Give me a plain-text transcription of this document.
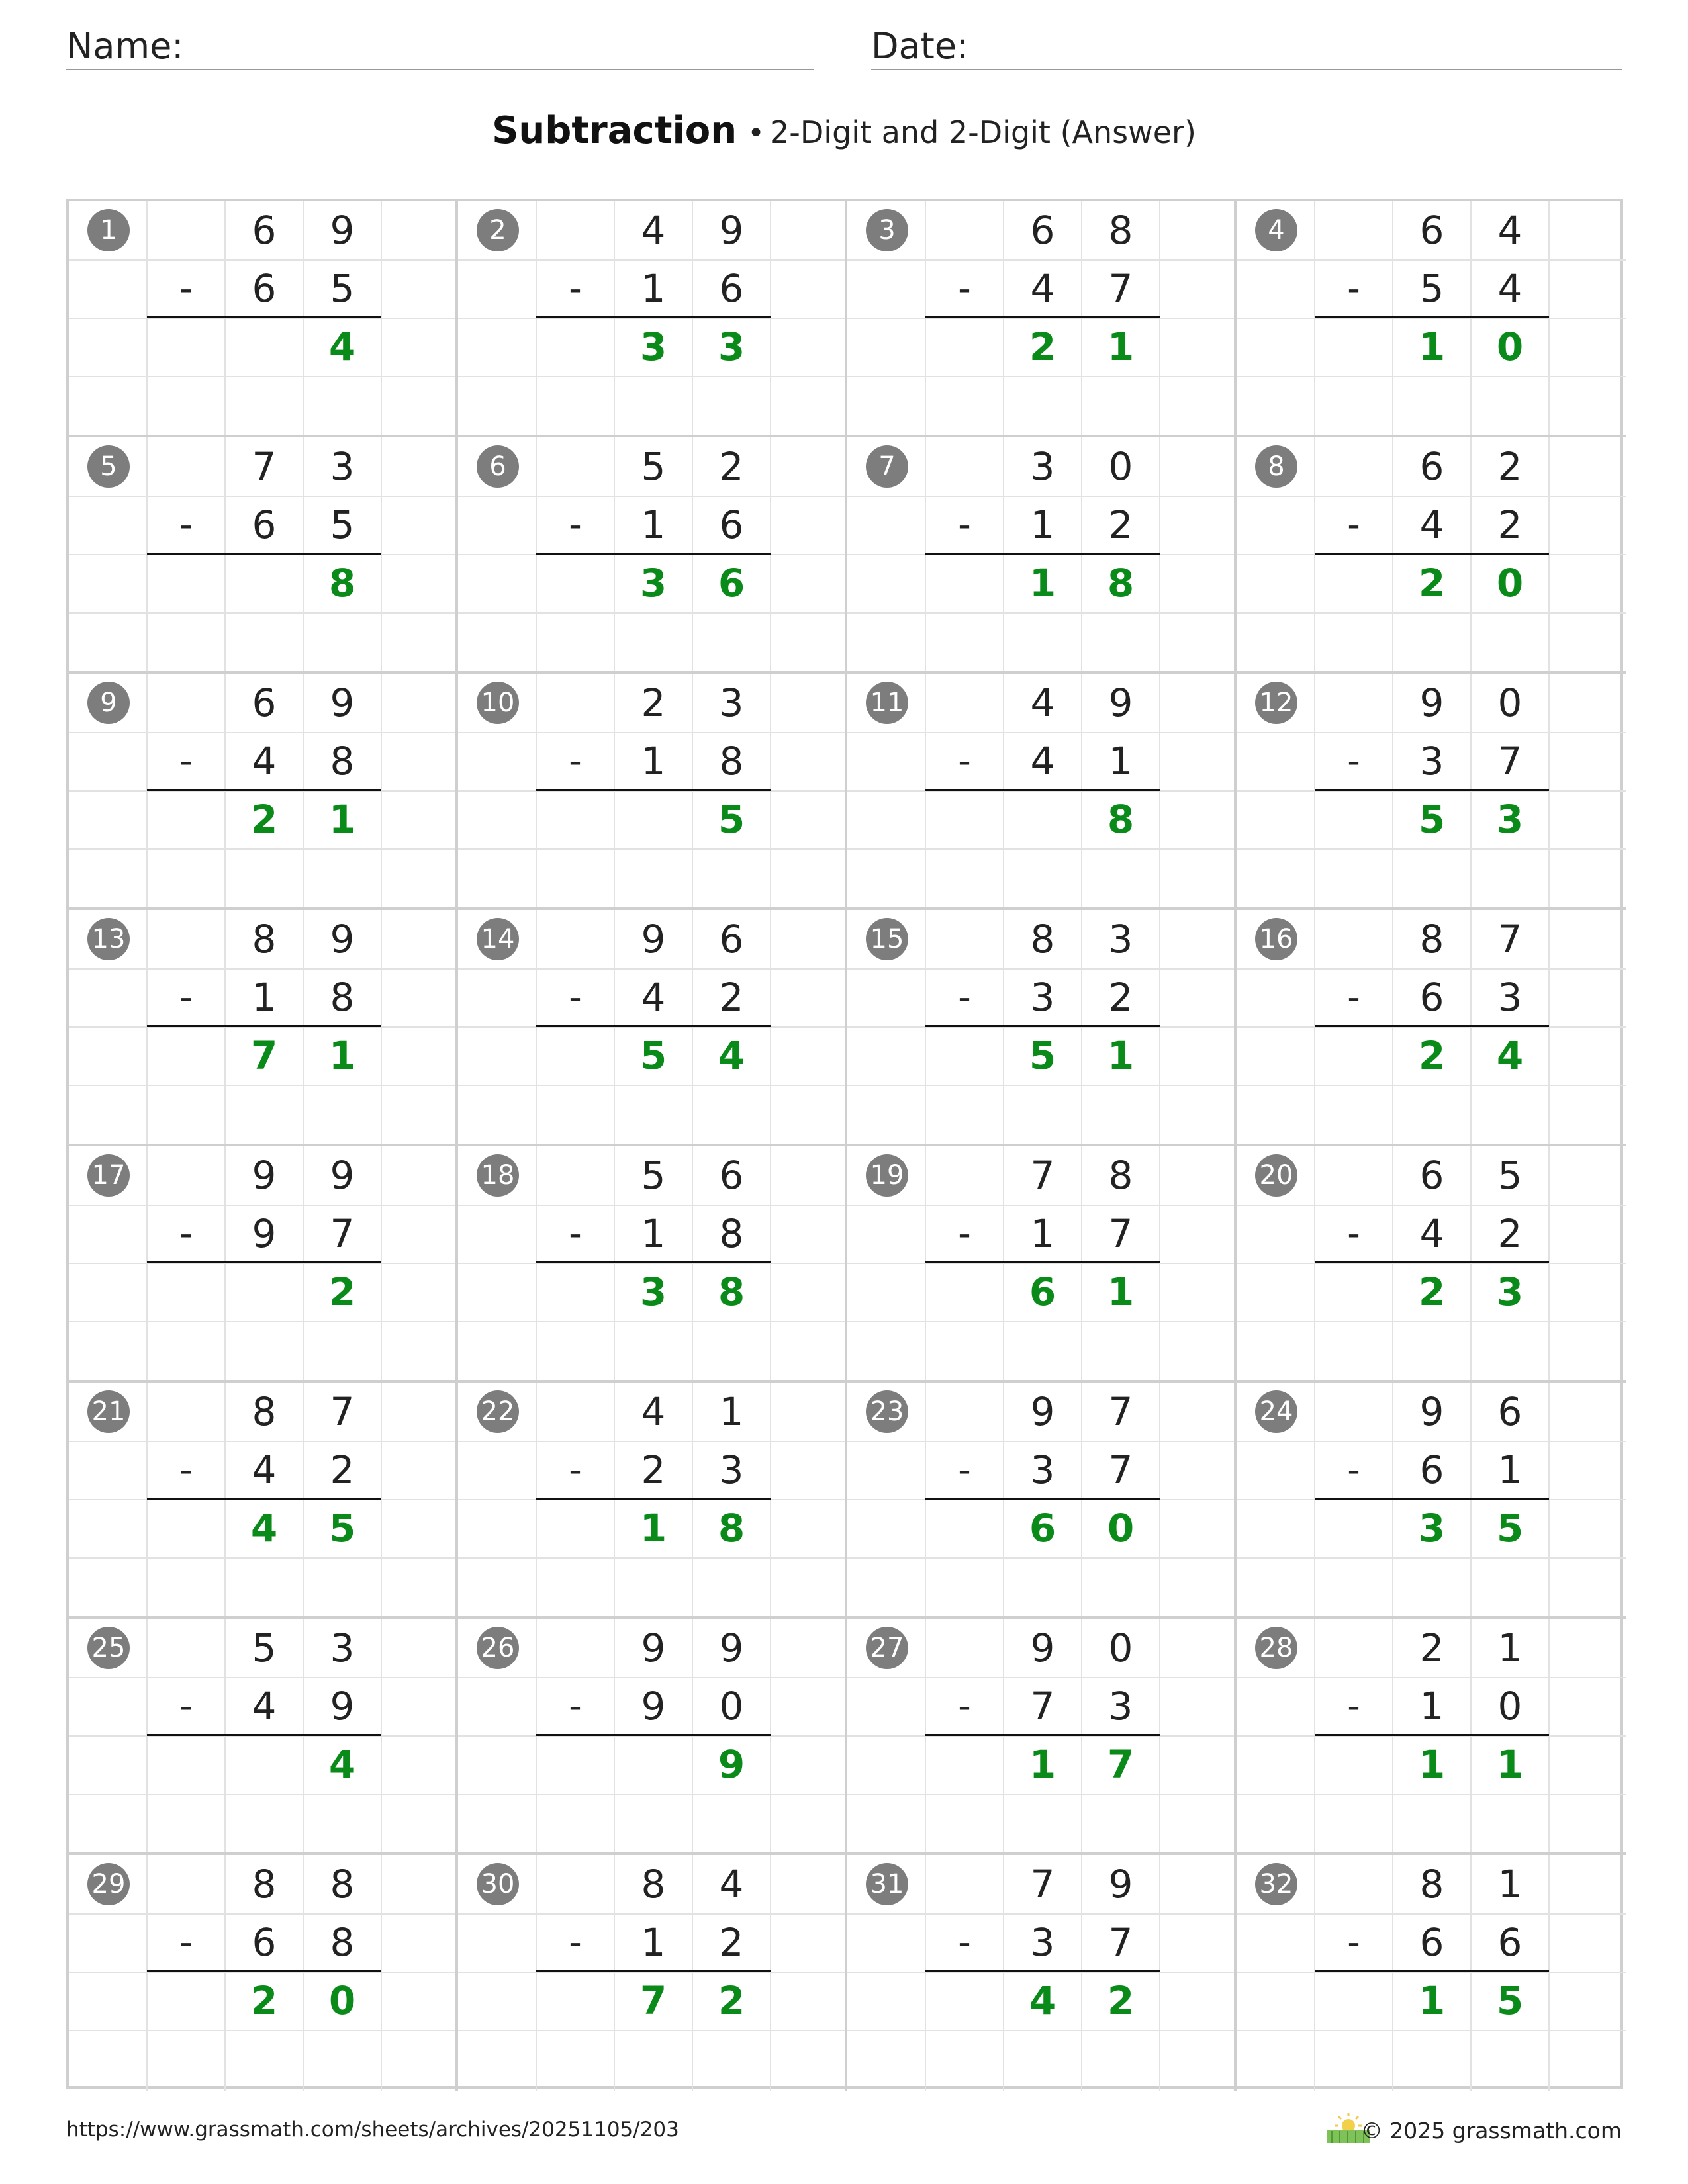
Name:	Date:
Subtraction • 2-Digit and 2-Digit (Answer)
1
-
6	9
6	5
4
2
-
4	9
1	6
3	3
3
-
6	8
4	7
2	1
4
-
6	4
5	4
1	0
5
-
7	3
6	5
8
6
-
5	2
1	6
3	6
7
-
3	0
1	2
1	8
8
-
6	2
4	2
2	0
9
-
6	9
4	8
2	1
10
-
2	3
1	8
5
11
-
4	9
4	1
8
12
-
9	0
3	7
5	3
13
-
8	9
1	8
7	1
14
-
9	6
4	2
5	4
15
-
8	3
3	2
5	1
16
-
8	7
6	3
2	4
17
-
9	9
9	7
2
18
-
5	6
1	8
3	8
19
-
7	8
1	7
6	1
20
-
6	5
4	2
2	3
21
-
8	7
4	2
4	5
22
-
4	1
2	3
1	8
23
-
9	7
3	7
6	0
24
-
9	6
6	1
3	5
25
-
5	3
4	9
4
26
-
9	9
9	0
9
27
-
9	0
7	3
1	7
28
-
2	1
1	0
1	1
29
-
8	8
6	8
2	0
30
-
8	4
1	2
7	2
31
-
7	9
3	7
4	2
32
-
8	1
6	6
1	5
https://www.grassmath.com/sheets/archives/20251105/203	© 2025 grassmath.com
